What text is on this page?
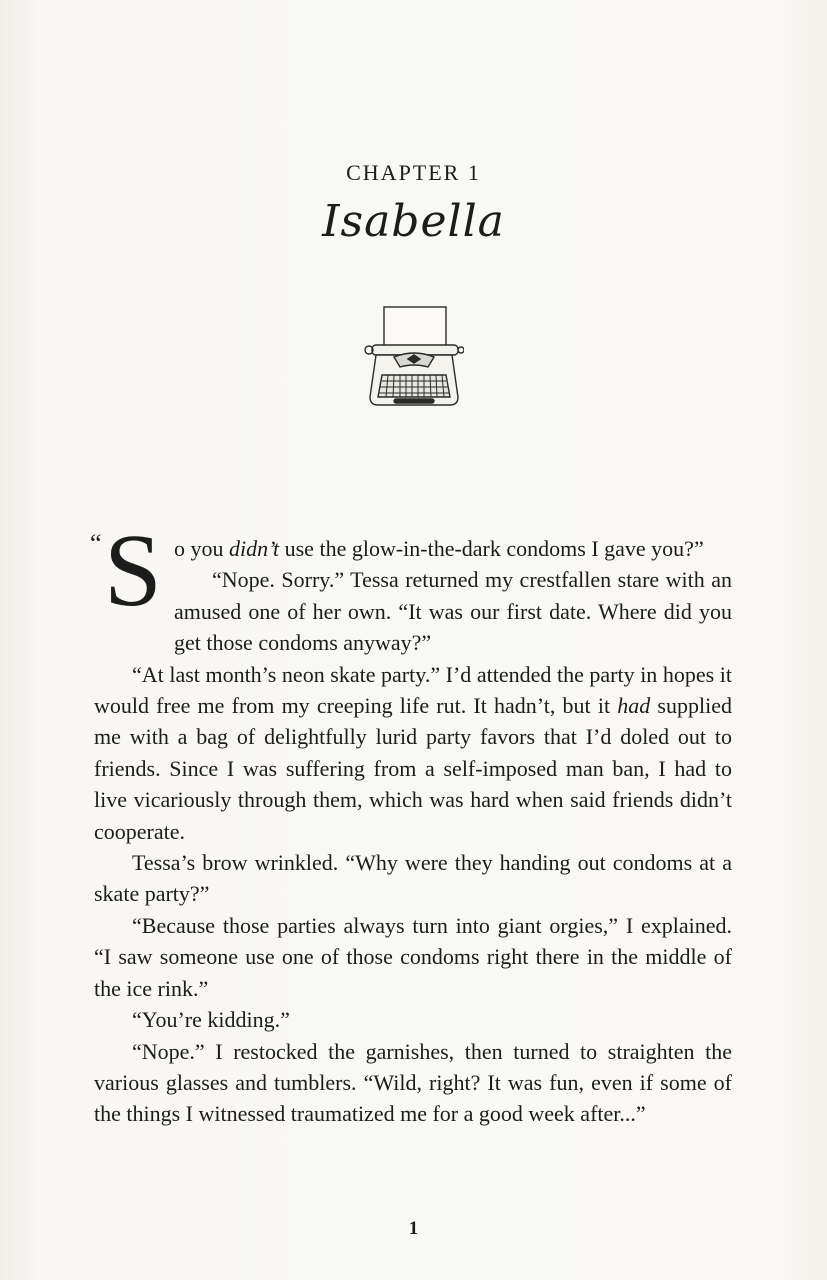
CHAPTER 1
Isabella

“ S o you didn’t use the glow-in-the-dark condoms I gave you?”

“Nope. Sorry.” Tessa returned my crestfallen stare with an amused one of her own. “It was our first date. Where did you get those condoms anyway?”

“At last month’s neon skate party.” I’d attended the party in hopes it would free me from my creeping life rut. It hadn’t, but it had supplied me with a bag of delightfully lurid party favors that I’d doled out to friends. Since I was suffering from a self-imposed man ban, I had to live vicariously through them, which was hard when said friends didn’t cooperate.

Tessa’s brow wrinkled. “Why were they handing out condoms at a skate party?”

“Because those parties always turn into giant orgies,” I explained. “I saw someone use one of those condoms right there in the middle of the ice rink.”

“You’re kidding.”

“Nope.” I restocked the garnishes, then turned to straighten the various glasses and tumblers. “Wild, right? It was fun, even if some of the things I witnessed traumatized me for a good week after...”

1
